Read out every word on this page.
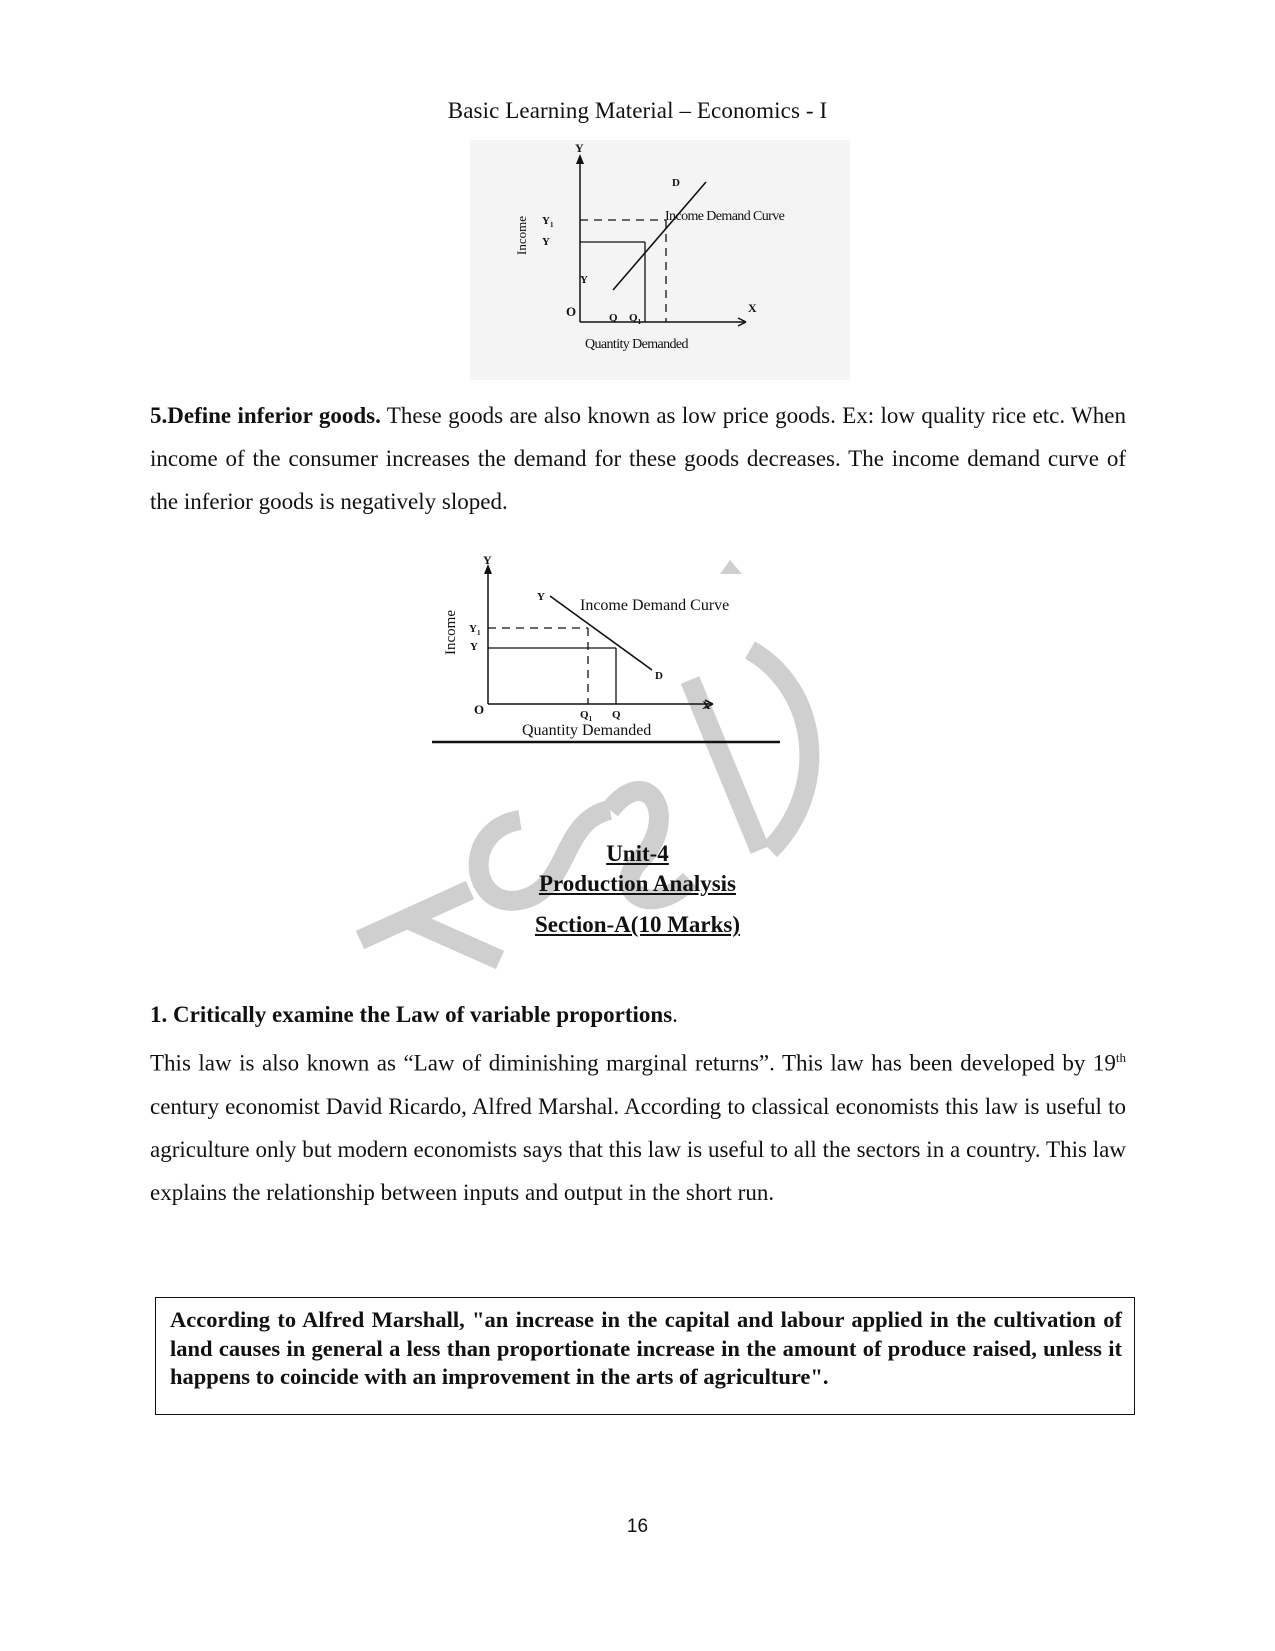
Basic Learning Material – Economics - I
Y
X
O
Income
Quantity Demanded
Income Demand Curve
D
Y
$Y_1$
Y
Q $Q_1$
5.Define inferior goods. These goods are also known as low price goods. Ex: low quality rice etc. When income of the consumer increases the demand for these goods decreases. The income demand curve of the inferior goods is negatively sloped.
Y
X
O
Income
Quantity Demanded
Income Demand Curve
D
Y
$Y_1$
Y
$Q_1$ Q
Unit-4
Production Analysis
Section-A(10 Marks)
1. Critically examine the Law of variable proportions.
This law is also known as “Law of diminishing marginal returns”. This law has been developed by 19th century economist David Ricardo, Alfred Marshal. According to classical economists this law is useful to agriculture only but modern economists says that this law is useful to all the sectors in a country. This law explains the relationship between inputs and output in the short run.
According to Alfred Marshall, "an increase in the capital and labour applied in the cultivation of land causes in general a less than proportionate increase in the amount of produce raised, unless it happens to coincide with an improvement in the arts of agriculture".
16
